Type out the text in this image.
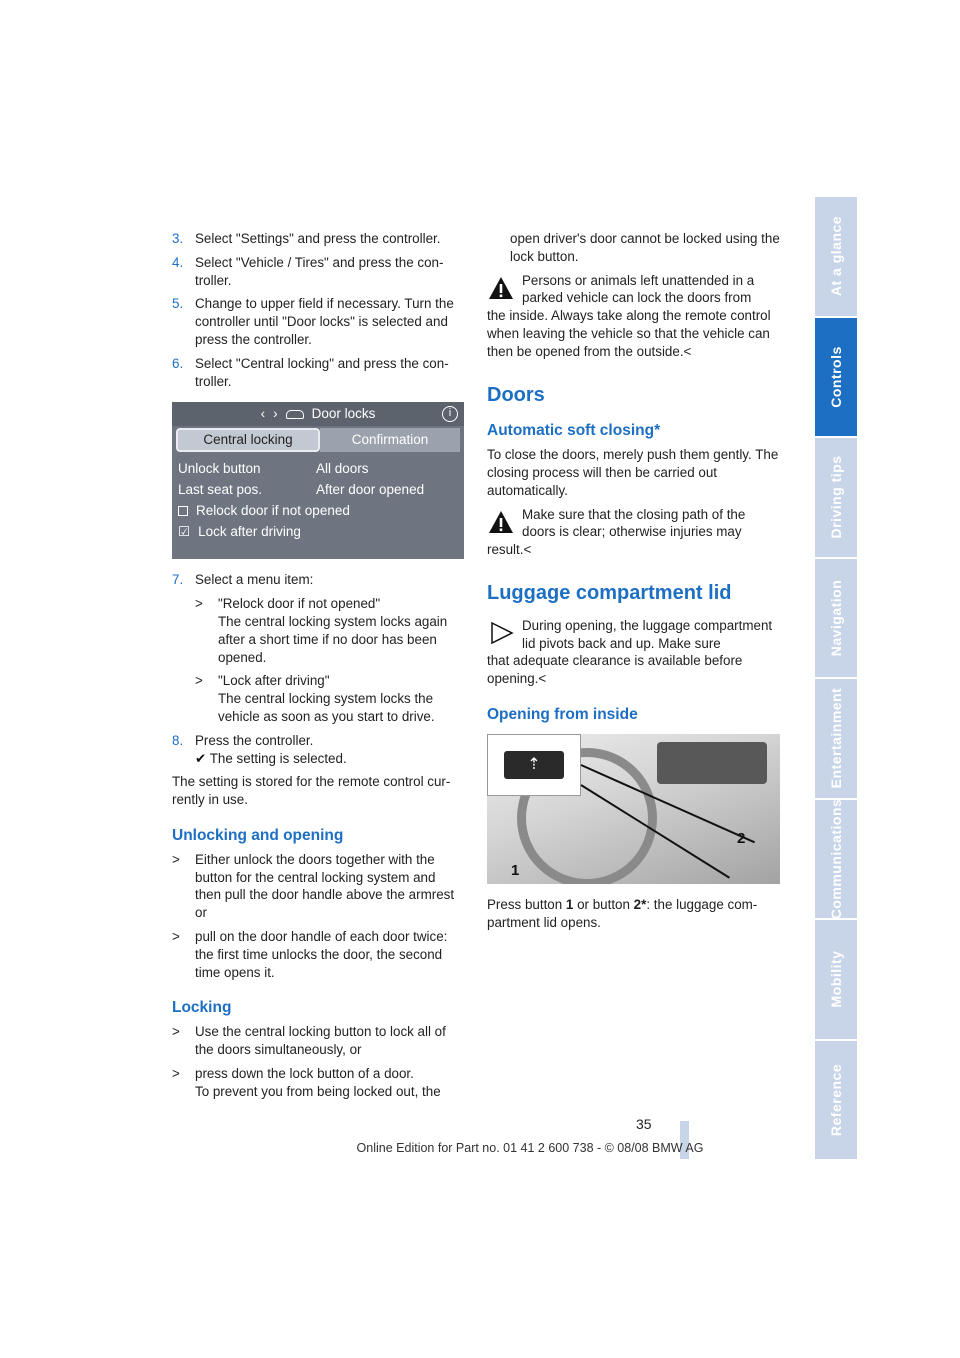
At a glance
Controls
Driving tips
Navigation
Entertainment
Communications
Mobility
Reference
3. Select "Settings" and press the controller.
4. Select "Vehicle / Tires" and press the controller.
5. Change to upper field if necessary. Turn the controller until "Door locks" is selected and press the controller.
6. Select "Central locking" and press the controller.
‹ ›	Door locks	i
Central locking	Confirmation
Unlock button	All doors
Last seat pos.	After door opened
Relock door if not opened
☑ Lock after driving
7. Select a menu item:
>	"Relock door if not opened"
The central locking system locks again after a short time if no door has been opened.
>	"Lock after driving"
The central locking system locks the vehicle as soon as you start to drive.
8. Press the controller.
✔ The setting is selected.

The setting is stored for the remote control currently in use.

Unlocking and opening
>	Either unlock the doors together with the button for the central locking system and then pull the door handle above the armrest or
>	pull on the door handle of each door twice: the first time unlocks the door, the second time opens it.
Locking
>	Use the central locking button to lock all of the doors simultaneously, or
>	press down the lock button of a door.
To prevent you from being locked out, the

open driver's door cannot be locked using the lock button.

Persons or animals left unattended in a parked vehicle can lock the doors from
the inside. Always take along the remote control when leaving the vehicle so that the vehicle can then be opened from the outside.<
Doors
Automatic soft closing*

To close the doors, merely push them gently. The closing process will then be carried out automatically.

Make sure that the closing path of the doors is clear; otherwise injuries may
result.<
Luggage compartment lid
During opening, the luggage compartment lid pivots back and up. Make sure
that adequate clearance is available before opening.<
Opening from inside
⇡
1
2

Press button 1 or button 2*: the luggage compartment lid opens.

35
Online Edition for Part no. 01 41 2 600 738 - © 08/08 BMW AG
